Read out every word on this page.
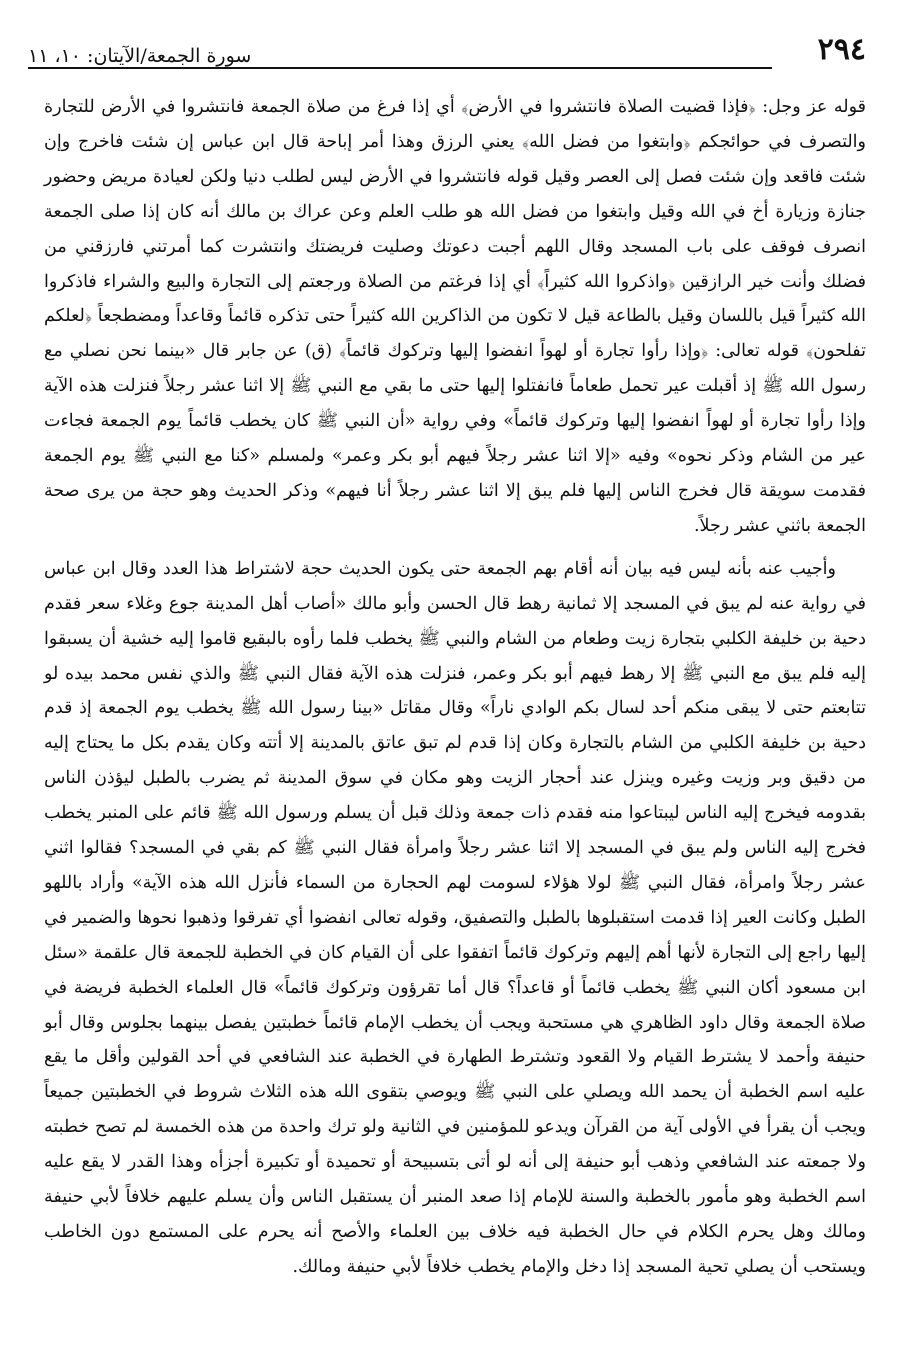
٢٩٤
سورة الجمعة/الآيتان: ١٠، ١١

قوله عز وجل: ﴿فإذا قضيت الصلاة فانتشروا في الأرض﴾ أي إذا فرغ من صلاة الجمعة فانتشروا في الأرض للتجارة والتصرف في حوائجكم ﴿وابتغوا من فضل الله﴾ يعني الرزق وهذا أمر إباحة قال ابن عباس إن شئت فاخرج وإن شئت فاقعد وإن شئت فصل إلى العصر وقيل قوله فانتشروا في الأرض ليس لطلب دنيا ولكن لعيادة مريض وحضور جنازة وزيارة أخ في الله وقيل وابتغوا من فضل الله هو طلب العلم وعن عراك بن مالك أنه كان إذا صلى الجمعة انصرف فوقف على باب المسجد وقال اللهم أجبت دعوتك وصليت فريضتك وانتشرت كما أمرتني فارزقني من فضلك وأنت خير الرازقين ﴿واذكروا الله كثيراً﴾ أي إذا فرغتم من الصلاة ورجعتم إلى التجارة والبيع والشراء فاذكروا الله كثيراً قيل باللسان وقيل بالطاعة قيل لا تكون من الذاكرين الله كثيراً حتى تذكره قائماً وقاعداً ومضطجعاً ﴿لعلكم تفلحون﴾ قوله تعالى: ﴿وإذا رأوا تجارة أو لهواً انفضوا إليها وتركوك قائماً﴾ (ق) عن جابر قال «بينما نحن نصلي مع رسول الله ﷺ إذ أقبلت عير تحمل طعاماً فانفتلوا إليها حتى ما بقي مع النبي ﷺ إلا اثنا عشر رجلاً فنزلت هذه الآية وإذا رأوا تجارة أو لهواً انفضوا إليها وتركوك قائماً» وفي رواية «أن النبي ﷺ كان يخطب قائماً يوم الجمعة فجاءت عير من الشام وذكر نحوه» وفيه «إلا اثنا عشر رجلاً فيهم أبو بكر وعمر» ولمسلم «كنا مع النبي ﷺ يوم الجمعة فقدمت سويقة قال فخرج الناس إليها فلم يبق إلا اثنا عشر رجلاً أنا فيهم» وذكر الحديث وهو حجة من يرى صحة الجمعة باثني عشر رجلاً.

وأجيب عنه بأنه ليس فيه بيان أنه أقام بهم الجمعة حتى يكون الحديث حجة لاشتراط هذا العدد وقال ابن عباس في رواية عنه لم يبق في المسجد إلا ثمانية رهط قال الحسن وأبو مالك «أصاب أهل المدينة جوع وغلاء سعر فقدم دحية بن خليفة الكلبي بتجارة زيت وطعام من الشام والنبي ﷺ يخطب فلما رأوه بالبقيع قاموا إليه خشية أن يسبقوا إليه فلم يبق مع النبي ﷺ إلا رهط فيهم أبو بكر وعمر، فنزلت هذه الآية فقال النبي ﷺ والذي نفس محمد بيده لو تتابعتم حتى لا يبقى منكم أحد لسال بكم الوادي ناراً» وقال مقاتل «بينا رسول الله ﷺ يخطب يوم الجمعة إذ قدم دحية بن خليفة الكلبي من الشام بالتجارة وكان إذا قدم لم تبق عاتق بالمدينة إلا أتته وكان يقدم بكل ما يحتاج إليه من دقيق وبر وزيت وغيره وينزل عند أحجار الزيت وهو مكان في سوق المدينة ثم يضرب بالطبل ليؤذن الناس بقدومه فيخرج إليه الناس ليبتاعوا منه فقدم ذات جمعة وذلك قبل أن يسلم ورسول الله ﷺ قائم على المنبر يخطب فخرج إليه الناس ولم يبق في المسجد إلا اثنا عشر رجلاً وامرأة فقال النبي ﷺ كم بقي في المسجد؟ فقالوا اثني عشر رجلاً وامرأة، فقال النبي ﷺ لولا هؤلاء لسومت لهم الحجارة من السماء فأنزل الله هذه الآية» وأراد باللهو الطبل وكانت العير إذا قدمت استقبلوها بالطبل والتصفيق، وقوله تعالى انفضوا أي تفرقوا وذهبوا نحوها والضمير في إليها راجع إلى التجارة لأنها أهم إليهم وتركوك قائماً اتفقوا على أن القيام كان في الخطبة للجمعة قال علقمة «سئل ابن مسعود أكان النبي ﷺ يخطب قائماً أو قاعداً؟ قال أما تقرؤون وتركوك قائماً» قال العلماء الخطبة فريضة في صلاة الجمعة وقال داود الظاهري هي مستحبة ويجب أن يخطب الإمام قائماً خطبتين يفصل بينهما بجلوس وقال أبو حنيفة وأحمد لا يشترط القيام ولا القعود وتشترط الطهارة في الخطبة عند الشافعي في أحد القولين وأقل ما يقع عليه اسم الخطبة أن يحمد الله ويصلي على النبي ﷺ ويوصي بتقوى الله هذه الثلاث شروط في الخطبتين جميعاً ويجب أن يقرأ في الأولى آية من القرآن ويدعو للمؤمنين في الثانية ولو ترك واحدة من هذه الخمسة لم تصح خطبته ولا جمعته عند الشافعي وذهب أبو حنيفة إلى أنه لو أتى بتسبيحة أو تحميدة أو تكبيرة أجزأه وهذا القدر لا يقع عليه اسم الخطبة وهو مأمور بالخطبة والسنة للإمام إذا صعد المنبر أن يستقبل الناس وأن يسلم عليهم خلافاً لأبي حنيفة ومالك وهل يحرم الكلام في حال الخطبة فيه خلاف بين العلماء والأصح أنه يحرم على المستمع دون الخاطب ويستحب أن يصلي تحية المسجد إذا دخل والإمام يخطب خلافاً لأبي حنيفة ومالك.
